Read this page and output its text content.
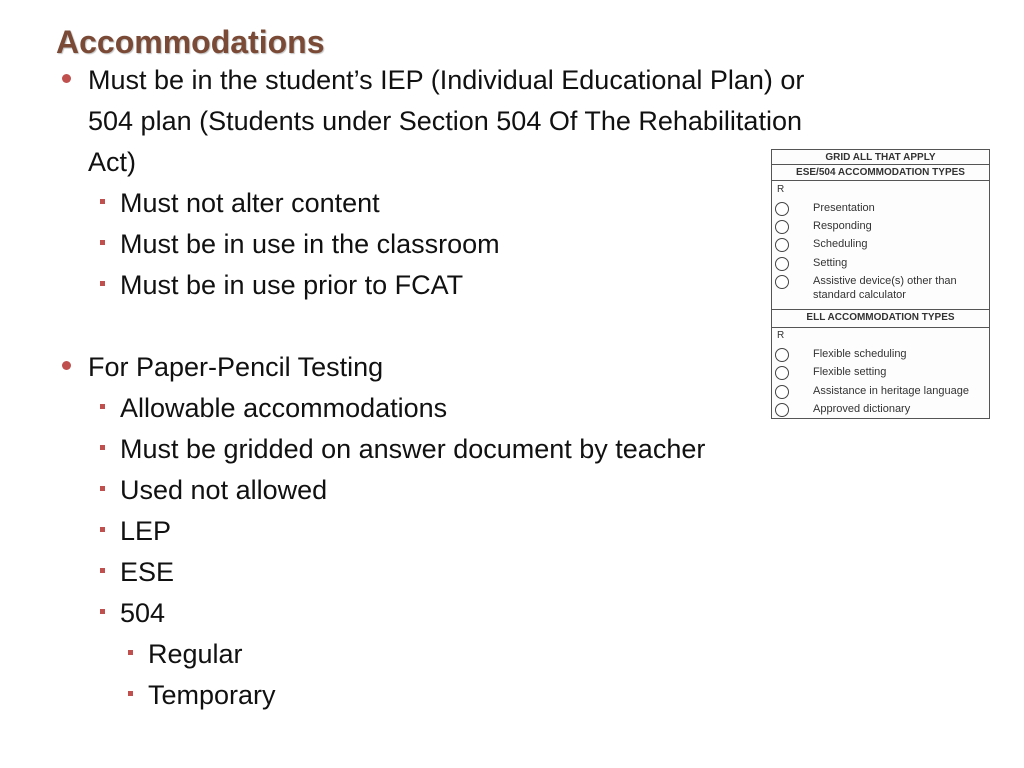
Accommodations
Must be in the student’s IEP (Individual Educational Plan) or
504 plan (Students under Section 504 Of The Rehabilitation
Act)
Must not alter content
Must be in use in the classroom
Must be in use prior to FCAT
For Paper-Pencil Testing
Allowable accommodations
Must be gridded on answer document by teacher
Used not allowed
LEP
ESE
504
Regular
Temporary
GRID ALL THAT APPLY
ESE/504 ACCOMMODATION TYPES
R
Presentation
Responding
Scheduling
Setting
Assistive device(s) other than
standard calculator
ELL ACCOMMODATION TYPES
R
Flexible scheduling
Flexible setting
Assistance in heritage language
Approved dictionary
